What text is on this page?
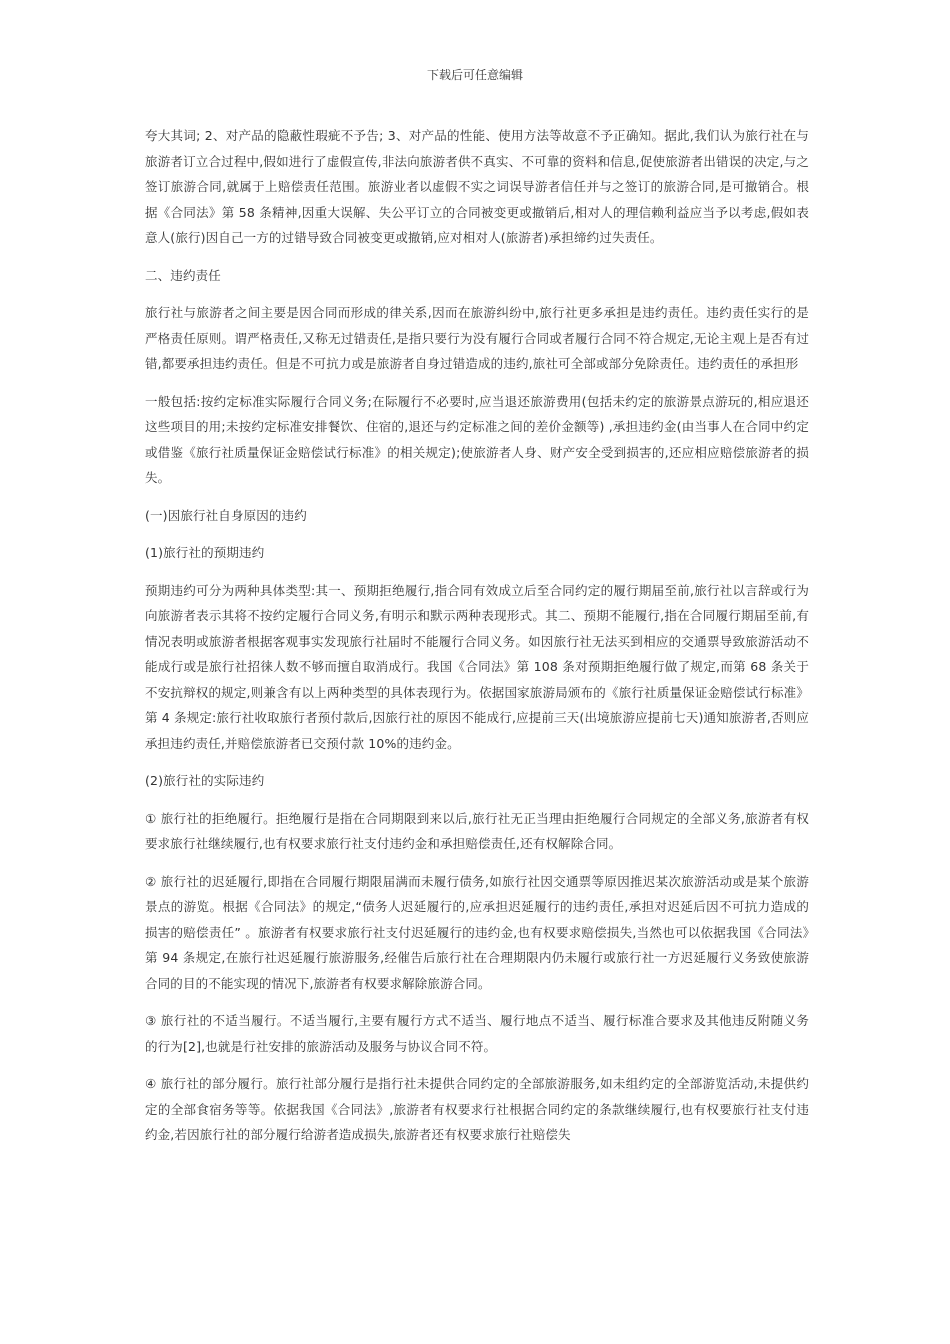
下载后可任意编辑

夸大其词; 2、对产品的隐蔽性瑕疵不予告; 3、对产品的性能、使用方法等故意不予正确知。据此,我们认为旅行社在与旅游者订立合过程中,假如进行了虚假宣传,非法向旅游者供不真实、不可靠的资料和信息,促使旅游者出错误的决定,与之签订旅游合同,就属于上赔偿责任范围。旅游业者以虚假不实之词误导游者信任并与之签订的旅游合同,是可撤销合。根据《合同法》第 58 条精神,因重大误解、失公平订立的合同被变更或撤销后,相对人的理信赖利益应当予以考虑,假如表意人(旅行)因自己一方的过错导致合同被变更或撤销,应对相对人(旅游者)承担缔约过失责任。

二、违约责任

旅行社与旅游者之间主要是因合同而形成的律关系,因而在旅游纠纷中,旅行社更多承担是违约责任。违约责任实行的是严格责任原则。谓严格责任,又称无过错责任,是指只要行为没有履行合同或者履行合同不符合规定,无论主观上是否有过错,都要承担违约责任。但是不可抗力或是旅游者自身过错造成的违约,旅社可全部或部分免除责任。违约责任的承担形

一般包括:按约定标准实际履行合同义务;在际履行不必要时,应当退还旅游费用(包括未约定的旅游景点游玩的,相应退还这些项目的用;未按约定标准安排餐饮、住宿的,退还与约定标准之间的差价金额等) ,承担违约金(由当事人在合同中约定或借鉴《旅行社质量保证金赔偿试行标准》的相关规定);使旅游者人身、财产安全受到损害的,还应相应赔偿旅游者的损失。

(一)因旅行社自身原因的违约

(1)旅行社的预期违约

预期违约可分为两种具体类型:其一、预期拒绝履行,指合同有效成立后至合同约定的履行期届至前,旅行社以言辞或行为向旅游者表示其将不按约定履行合同义务,有明示和默示两种表现形式。其二、预期不能履行,指在合同履行期届至前,有情况表明或旅游者根据客观事实发现旅行社届时不能履行合同义务。如因旅行社无法买到相应的交通票导致旅游活动不能成行或是旅行社招徕人数不够而擅自取消成行。我国《合同法》第 108 条对预期拒绝履行做了规定,而第 68 条关于不安抗辩权的规定,则兼含有以上两种类型的具体表现行为。依据国家旅游局颁布的《旅行社质量保证金赔偿试行标准》第 4 条规定:旅行社收取旅行者预付款后,因旅行社的原因不能成行,应提前三天(出境旅游应提前七天)通知旅游者,否则应承担违约责任,并赔偿旅游者已交预付款 10%的违约金。

(2)旅行社的实际违约

① 旅行社的拒绝履行。拒绝履行是指在合同期限到来以后,旅行社无正当理由拒绝履行合同规定的全部义务,旅游者有权要求旅行社继续履行,也有权要求旅行社支付违约金和承担赔偿责任,还有权解除合同。

② 旅行社的迟延履行,即指在合同履行期限届满而未履行债务,如旅行社因交通票等原因推迟某次旅游活动或是某个旅游景点的游览。根据《合同法》的规定,“债务人迟延履行的,应承担迟延履行的违约责任,承担对迟延后因不可抗力造成的损害的赔偿责任” 。旅游者有权要求旅行社支付迟延履行的违约金,也有权要求赔偿损失,当然也可以依据我国《合同法》第 94 条规定,在旅行社迟延履行旅游服务,经催告后旅行社在合理期限内仍未履行或旅行社一方迟延履行义务致使旅游合同的目的不能实现的情况下,旅游者有权要求解除旅游合同。

③ 旅行社的不适当履行。不适当履行,主要有履行方式不适当、履行地点不适当、履行标准合要求及其他违反附随义务的行为[2],也就是行社安排的旅游活动及服务与协议合同不符。

④ 旅行社的部分履行。旅行社部分履行是指行社未提供合同约定的全部旅游服务,如未组约定的全部游览活动,未提供约定的全部食宿务等等。依据我国《合同法》,旅游者有权要求行社根据合同约定的条款继续履行,也有权要旅行社支付违约金,若因旅行社的部分履行给游者造成损失,旅游者还有权要求旅行社赔偿失
